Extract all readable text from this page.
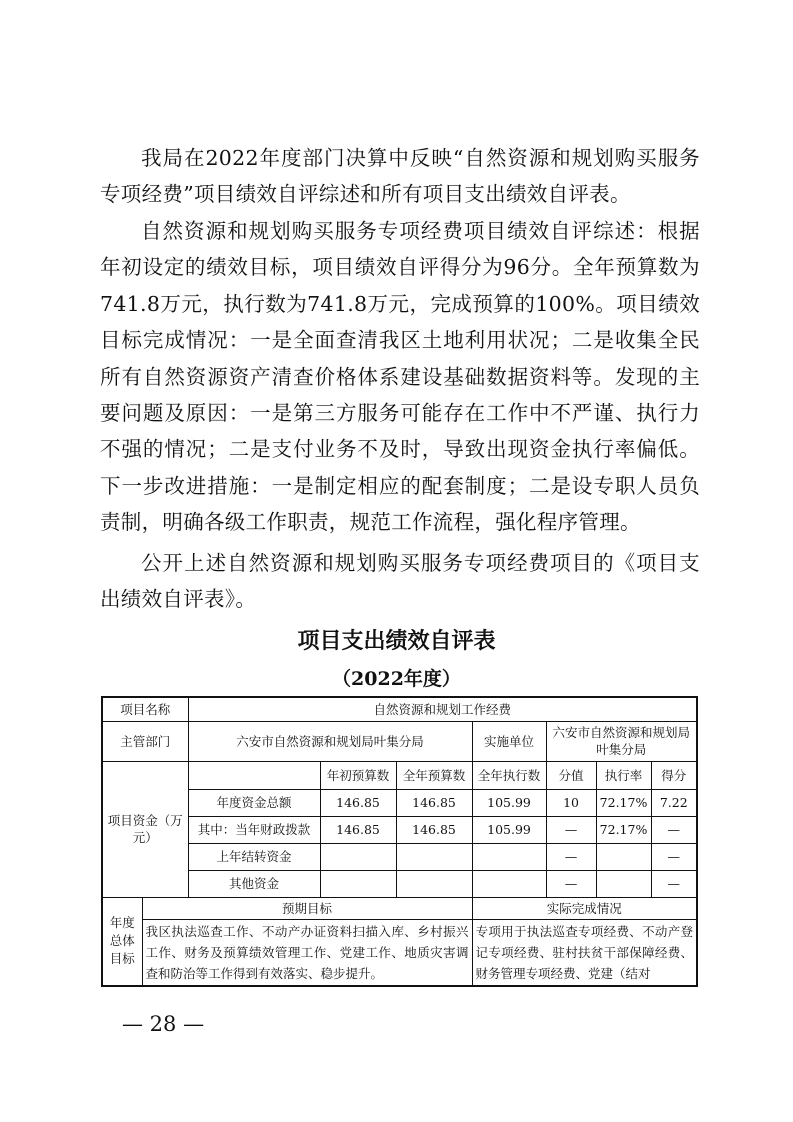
我局在2022年度部门决算中反映“自然资源和规划购买服务专项经费”项目绩效自评综述和所有项目支出绩效自评表。

自然资源和规划购买服务专项经费项目绩效自评综述：根据年初设定的绩效目标，项目绩效自评得分为96分。全年预算数为741.8万元，执行数为741.8万元，完成预算的100%。项目绩效目标完成情况：一是全面查清我区土地利用状况；二是收集全民所有自然资源资产清查价格体系建设基础数据资料等。发现的主要问题及原因：一是第三方服务可能存在工作中不严谨、执行力不强的情况；二是支付业务不及时，导致出现资金执行率偏低。下一步改进措施：一是制定相应的配套制度；二是设专职人员负责制，明确各级工作职责，规范工作流程，强化程序管理。

公开上述自然资源和规划购买服务专项经费项目的《项目支出绩效自评表》。

项目支出绩效自评表
（2022年度）
项目名称		自然资源和规划工作经费						
主管部门		六安市自然资源和规划局叶集分局			实施单位	六安市自然资源和规划局叶集分局		
项目资金（万元）			年初预算数	全年预算数	全年执行数	分值	执行率	得分
		年度资金总额	146.85	146.85	105.99	10	72.17%	7.22
		其中：当年财政拨款	146.85	146.85	105.99	—	72.17%	—
		上年结转资金				—		—
		其他资金				—		—
年度总体目标	预期目标				实际完成情况			
	我区执法巡查工作、不动产办证资料扫描入库、乡村振兴工作、财务及预算绩效管理工作、党建工作、地质灾害调查和防治等工作得到有效落实、稳步提升。				专项用于执法巡查专项经费、不动产登记专项经费、驻村扶贫干部保障经费、财务管理专项经费、党建（结对			

— 28 —
